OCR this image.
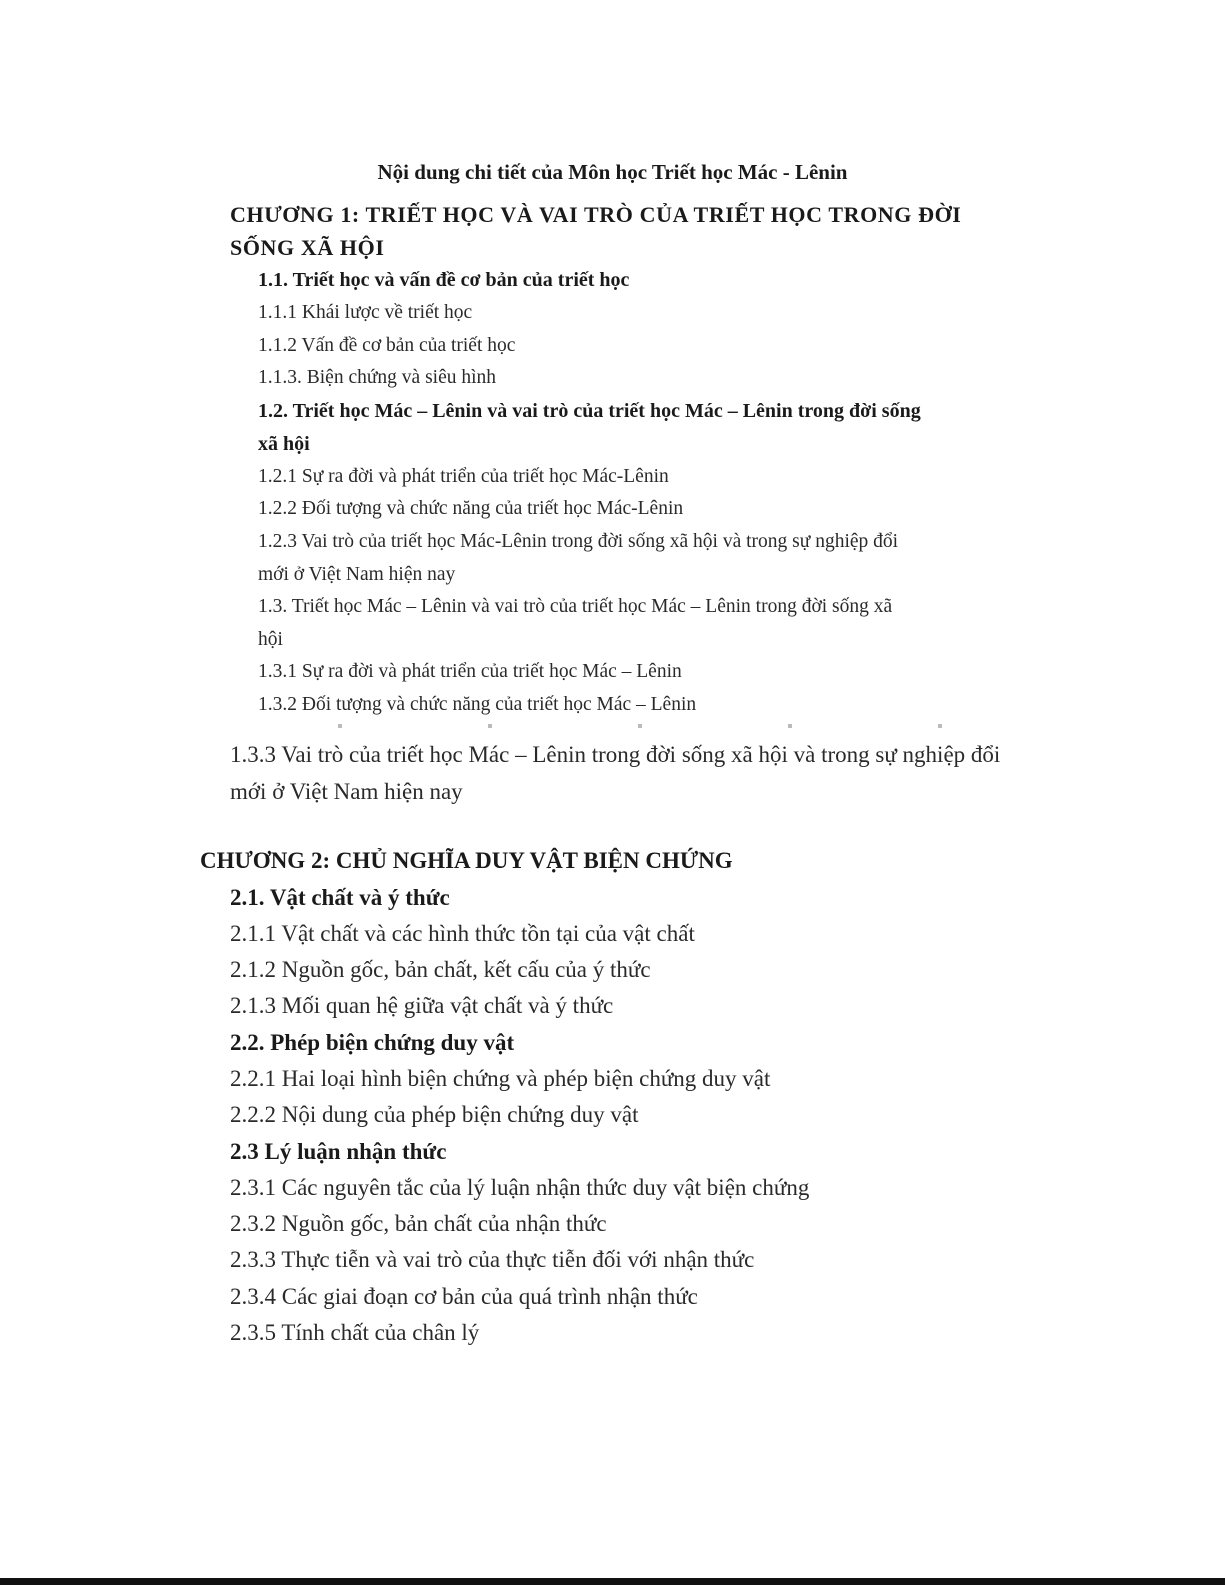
Nội dung chi tiết của Môn học Triết học Mác - Lênin

CHƯƠNG 1: TRIẾT HỌC VÀ VAI TRÒ CỦA TRIẾT HỌC TRONG ĐỜI

SỐNG XÃ HỘI

1.1. Triết học và vấn đề cơ bản của triết học

1.1.1 Khái lược về triết học

1.1.2 Vấn đề cơ bản của triết học

1.1.3. Biện chứng và siêu hình

1.2. Triết học Mác – Lênin và vai trò của triết học Mác – Lênin trong đời sống

xã hội

1.2.1 Sự ra đời và phát triển của triết học Mác-Lênin

1.2.2 Đối tượng và chức năng của triết học Mác-Lênin

1.2.3 Vai trò của triết học Mác-Lênin trong đời sống xã hội và trong sự nghiệp đổi

mới ở Việt Nam hiện nay

1.3. Triết học Mác – Lênin và vai trò của triết học Mác – Lênin trong đời sống xã

hội

1.3.1 Sự ra đời và phát triển của triết học Mác – Lênin

1.3.2 Đối tượng và chức năng của triết học Mác – Lênin

1.3.3 Vai trò của triết học Mác – Lênin trong đời sống xã hội và trong sự nghiệp đổi

mới ở Việt Nam hiện nay

CHƯƠNG 2: CHỦ NGHĨA DUY VẬT BIỆN CHỨNG

2.1. Vật chất và ý thức

2.1.1 Vật chất và các hình thức tồn tại của vật chất

2.1.2 Nguồn gốc, bản chất, kết cấu của ý thức

2.1.3 Mối quan hệ giữa vật chất và ý thức

2.2. Phép biện chứng duy vật

2.2.1 Hai loại hình biện chứng và phép biện chứng duy vật

2.2.2 Nội dung của phép biện chứng duy vật

2.3 Lý luận nhận thức

2.3.1 Các nguyên tắc của lý luận nhận thức duy vật biện chứng

2.3.2 Nguồn gốc, bản chất của nhận thức

2.3.3 Thực tiễn và vai trò của thực tiễn đối với nhận thức

2.3.4 Các giai đoạn cơ bản của quá trình nhận thức

2.3.5 Tính chất của chân lý
